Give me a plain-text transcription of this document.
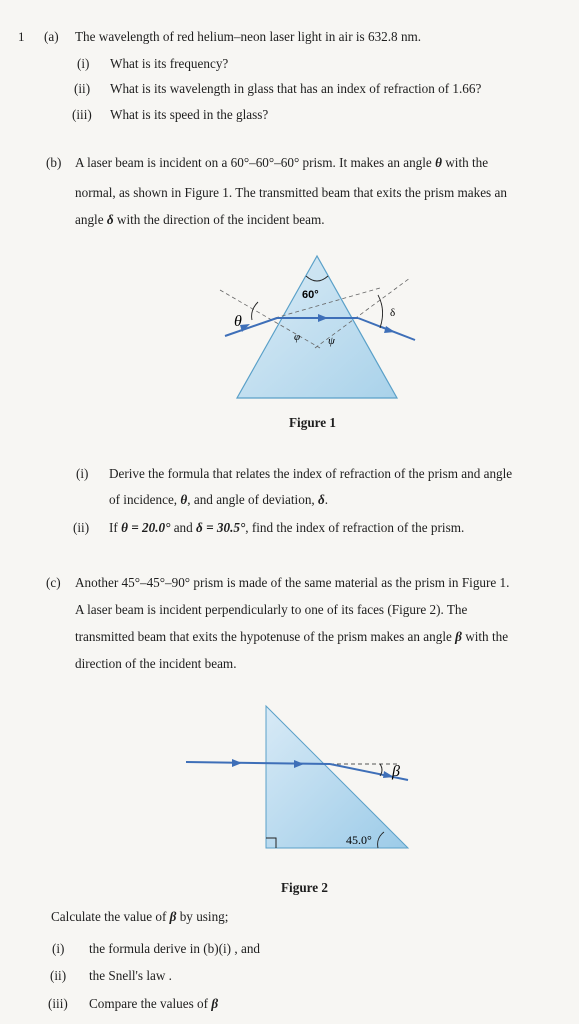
1 (a) The wavelength of red helium–neon laser light in air is 632.8 nm.
(i) What is its frequency?
(ii) What is its wavelength in glass that has an index of refraction of 1.66?
(iii) What is its speed in the glass?
(b) A laser beam is incident on a 60°–60°–60° prism. It makes an angle θ with the
normal, as shown in Figure 1. The transmitted beam that exits the prism makes an
angle δ with the direction of the incident beam.
60°
θ
φ	ψ
δ
Figure 1
(i) Derive the formula that relates the index of refraction of the prism and angle
of incidence, θ, and angle of deviation, δ.
(ii) If θ = 20.0° and δ = 30.5°, find the index of refraction of the prism.
(c) Another 45°–45°–90° prism is made of the same material as the prism in Figure 1.
A laser beam is incident perpendicularly to one of its faces (Figure 2). The
transmitted beam that exits the hypotenuse of the prism makes an angle β with the
direction of the incident beam.
β
45.0°
Figure 2
Calculate the value of β by using;
(i) the formula derive in (b)(i) , and
(ii) the Snell's law .
(iii) Compare the values of β
